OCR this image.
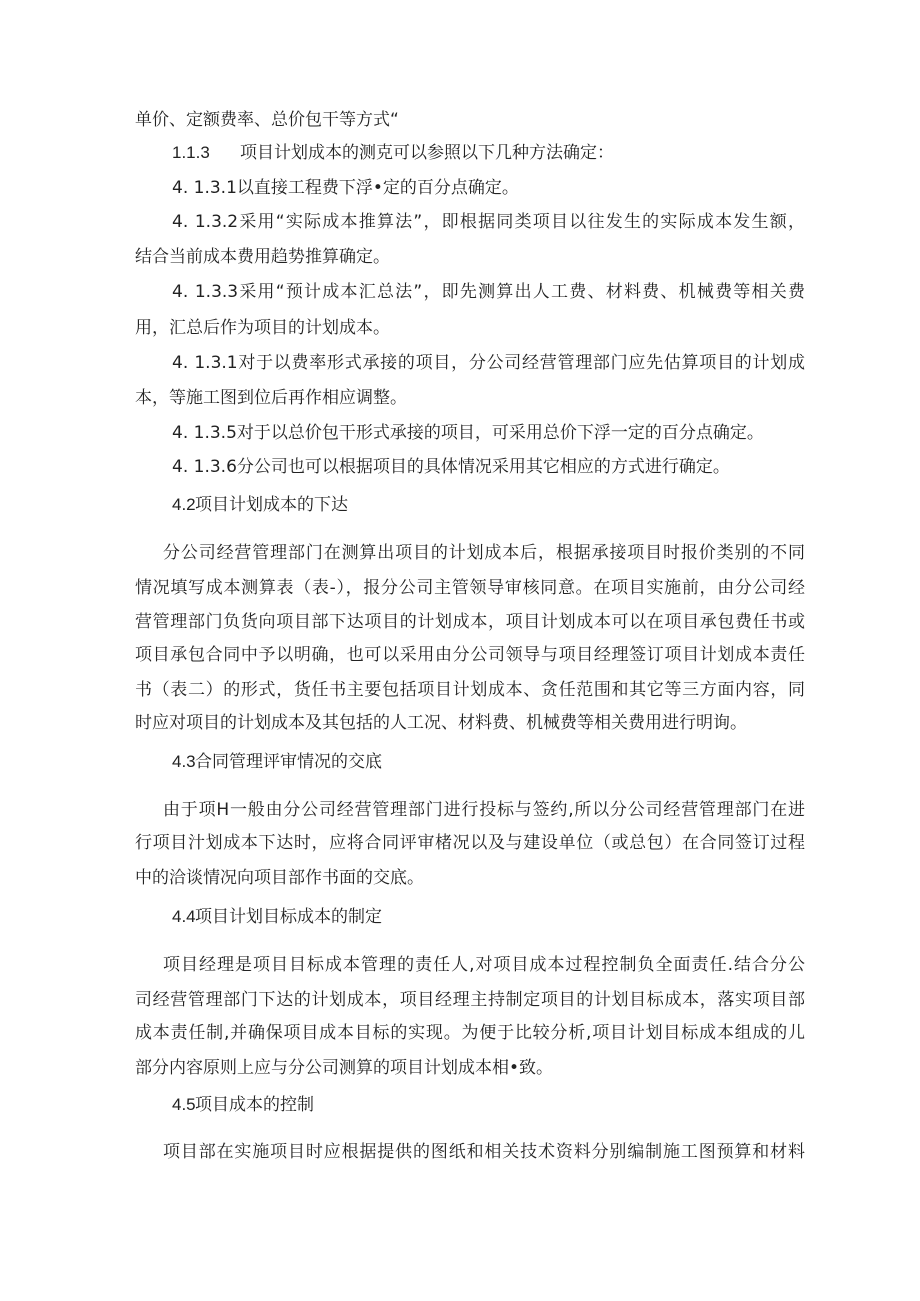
单价、定额费率、总价包干等方式“
1.1.3 项目计划成本的测克可以参照以下几种方法确定：
4. 1.3.1以直接工程费下浮•定的百分点确定。
4. 1.3.2采用“实际成本推算法”，即根据同类项目以往发生的实际成本发生额，
结合当前成本费用趋势推算确定。
4. 1.3.3采用“预计成本汇总法”，即先测算出人工费、材料费、机械费等相关费
用，汇总后作为项目的计划成本。
4. 1.3.1对于以费率形式承接的项目，分公司经营管理部门应先估算项目的计划成
本，等施工图到位后再作相应调整。
4. 1.3.5对于以总价包干形式承接的项目，可采用总价下浮一定的百分点确定。
4. 1.3.6分公司也可以根据项目的具体情况采用其它相应的方式进行确定。
4.2 项目计划成本的下达
分公司经营管理部门在测算出项目的计划成本后，根据承接项目时报价类别的不同
情况填写成本测算表（表-），报分公司主管领导审核同意。在项目实施前，由分公司经
营管理部门负货向项目部下达项目的计划成本，项目计划成本可以在项目承包费任书或
项目承包合同中予以明确，也可以采用由分公司领导与项目经理签订项目计划成本责任
书（表二）的形式，货任书主要包括项目计划成本、贪任范围和其它等三方面内容，同
时应对项目的计划成本及其包括的人工况、材料费、机械费等相关费用进行明询。
4.3 合同管理评审情况的交底
由于项H一般由分公司经营管理部门进行投标与签约,所以分公司经营管理部门在进
行项目汁划成本下达时，应将合同评审楮况以及与建设单位（或总包）在合同签订过程
中的洽谈情况向项目部作书面的交底。
4.4 项目计划目标成本的制定
项目经理是项目目标成本管理的责任人,对项目成本过程控制负全面责任.结合分公
司经营管理部门下达的计划成本，项目经理主持制定项目的计划目标成本，落实项目部
成本责任制,并确保项目成本目标的实现。为便于比较分析,项目计划目标成本组成的儿
部分内容原则上应与分公司测算的项目计划成本相•致。
4.5 项目成本的控制
项目部在实施项目时应根据提供的图纸和相关技术资料分别编制施工图预算和材料
